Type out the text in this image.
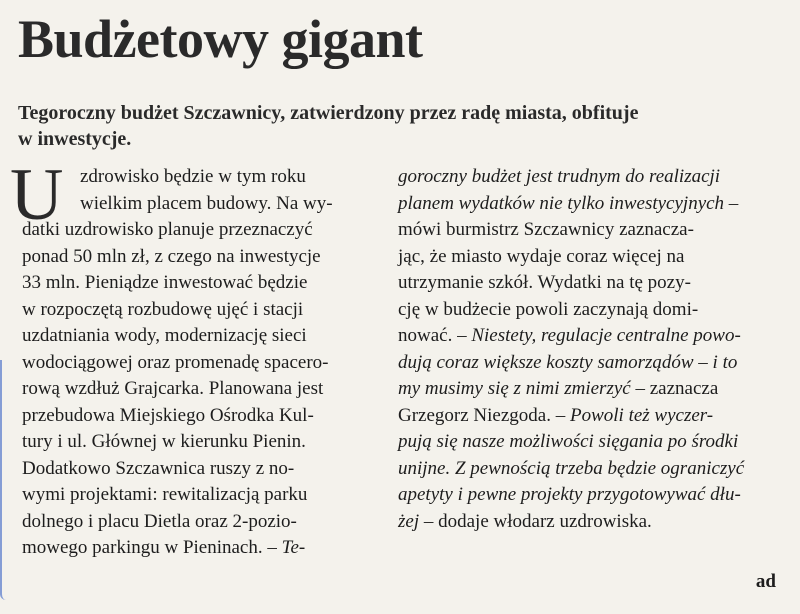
Budżetowy gigant

Tegoroczny budżet Szczawnicy, zatwierdzony przez radę miasta, obfituje
w inwestycje.

U zdrowisko będzie w tym roku
wielkim placem budowy. Na wy-
datki uzdrowisko planuje przeznaczyć
ponad 50 mln zł, z czego na inwestycje
33 mln. Pieniądze inwestować będzie
w rozpoczętą rozbudowę ujęć i stacji
uzdatniania wody, modernizację sieci
wodociągowej oraz promenadę spacero-
rową wzdłuż Grajcarka. Planowana jest
przebudowa Miejskiego Ośrodka Kul-
tury i ul. Głównej w kierunku Pienin.
Dodatkowo Szczawnica ruszy z no-
wymi projektami: rewitalizacją parku
dolnego i placu Dietla oraz 2-pozio-
mowego parkingu w Pieninach. – Te-
goroczny budżet jest trudnym do realizacji
planem wydatków nie tylko inwestycyjnych –
mówi burmistrz Szczawnicy zaznacza-
jąc, że miasto wydaje coraz więcej na
utrzymanie szkół. Wydatki na tę pozy-
cję w budżecie powoli zaczynają domi-
nować. – Niestety, regulacje centralne powo-
dują coraz większe koszty samorządów – i to
my musimy się z nimi zmierzyć – zaznacza
Grzegorz Niezgoda. – Powoli też wyczer-
pują się nasze możliwości sięgania po środki
unijne. Z pewnością trzeba będzie ograniczyć
apetyty i pewne projekty przygotowywać dłu-
żej – dodaje włodarz uzdrowiska.
ad
